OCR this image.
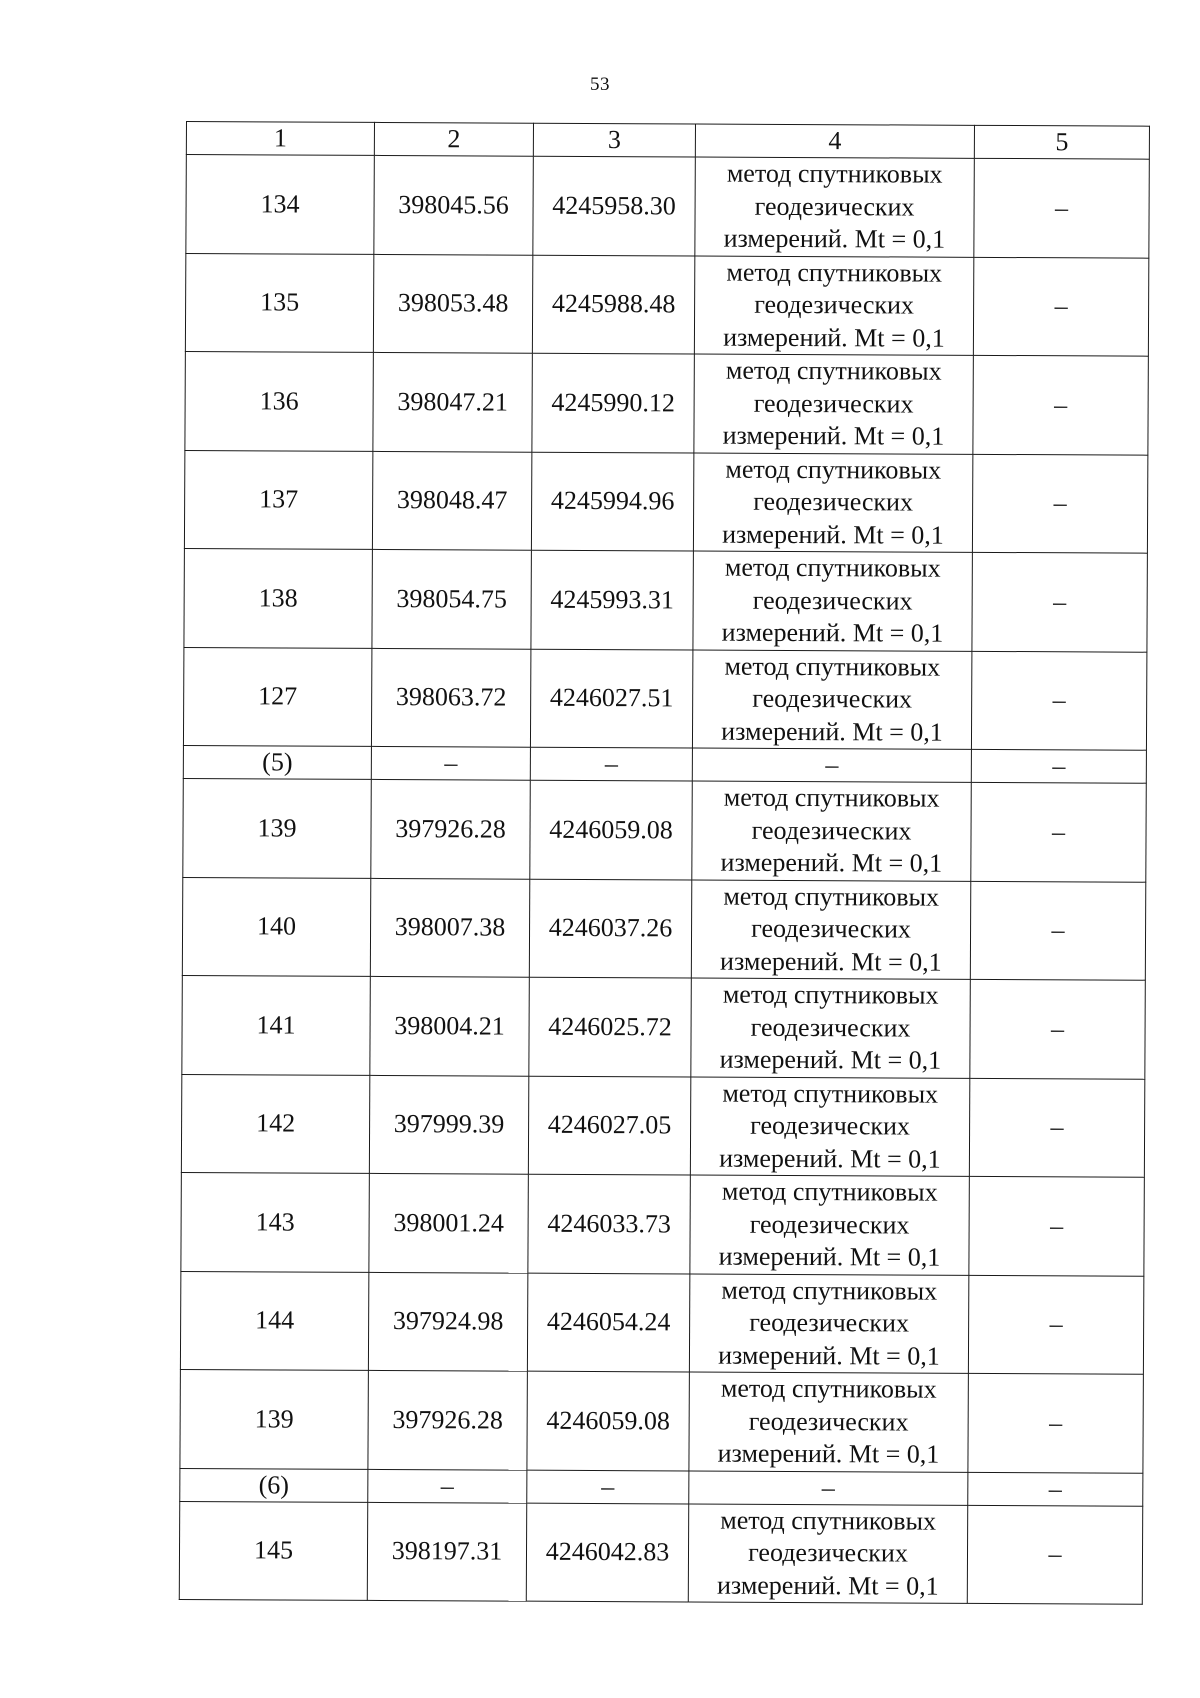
53
1	2	3	4	5
134	398045.56	4245958.30	метод спутниковых
геодезических
измерений. Mt = 0,1	–
135	398053.48	4245988.48	метод спутниковых
геодезических
измерений. Mt = 0,1	–
136	398047.21	4245990.12	метод спутниковых
геодезических
измерений. Mt = 0,1	–
137	398048.47	4245994.96	метод спутниковых
геодезических
измерений. Mt = 0,1	–
138	398054.75	4245993.31	метод спутниковых
геодезических
измерений. Mt = 0,1	–
127	398063.72	4246027.51	метод спутниковых
геодезических
измерений. Mt = 0,1	–
(5)	–	–	–	–
139	397926.28	4246059.08	метод спутниковых
геодезических
измерений. Mt = 0,1	–
140	398007.38	4246037.26	метод спутниковых
геодезических
измерений. Mt = 0,1	–
141	398004.21	4246025.72	метод спутниковых
геодезических
измерений. Mt = 0,1	–
142	397999.39	4246027.05	метод спутниковых
геодезических
измерений. Mt = 0,1	–
143	398001.24	4246033.73	метод спутниковых
геодезических
измерений. Mt = 0,1	–
144	397924.98	4246054.24	метод спутниковых
геодезических
измерений. Mt = 0,1	–
139	397926.28	4246059.08	метод спутниковых
геодезических
измерений. Mt = 0,1	–
(6)	–	–	–	–
145	398197.31	4246042.83	метод спутниковых
геодезических
измерений. Mt = 0,1	–
